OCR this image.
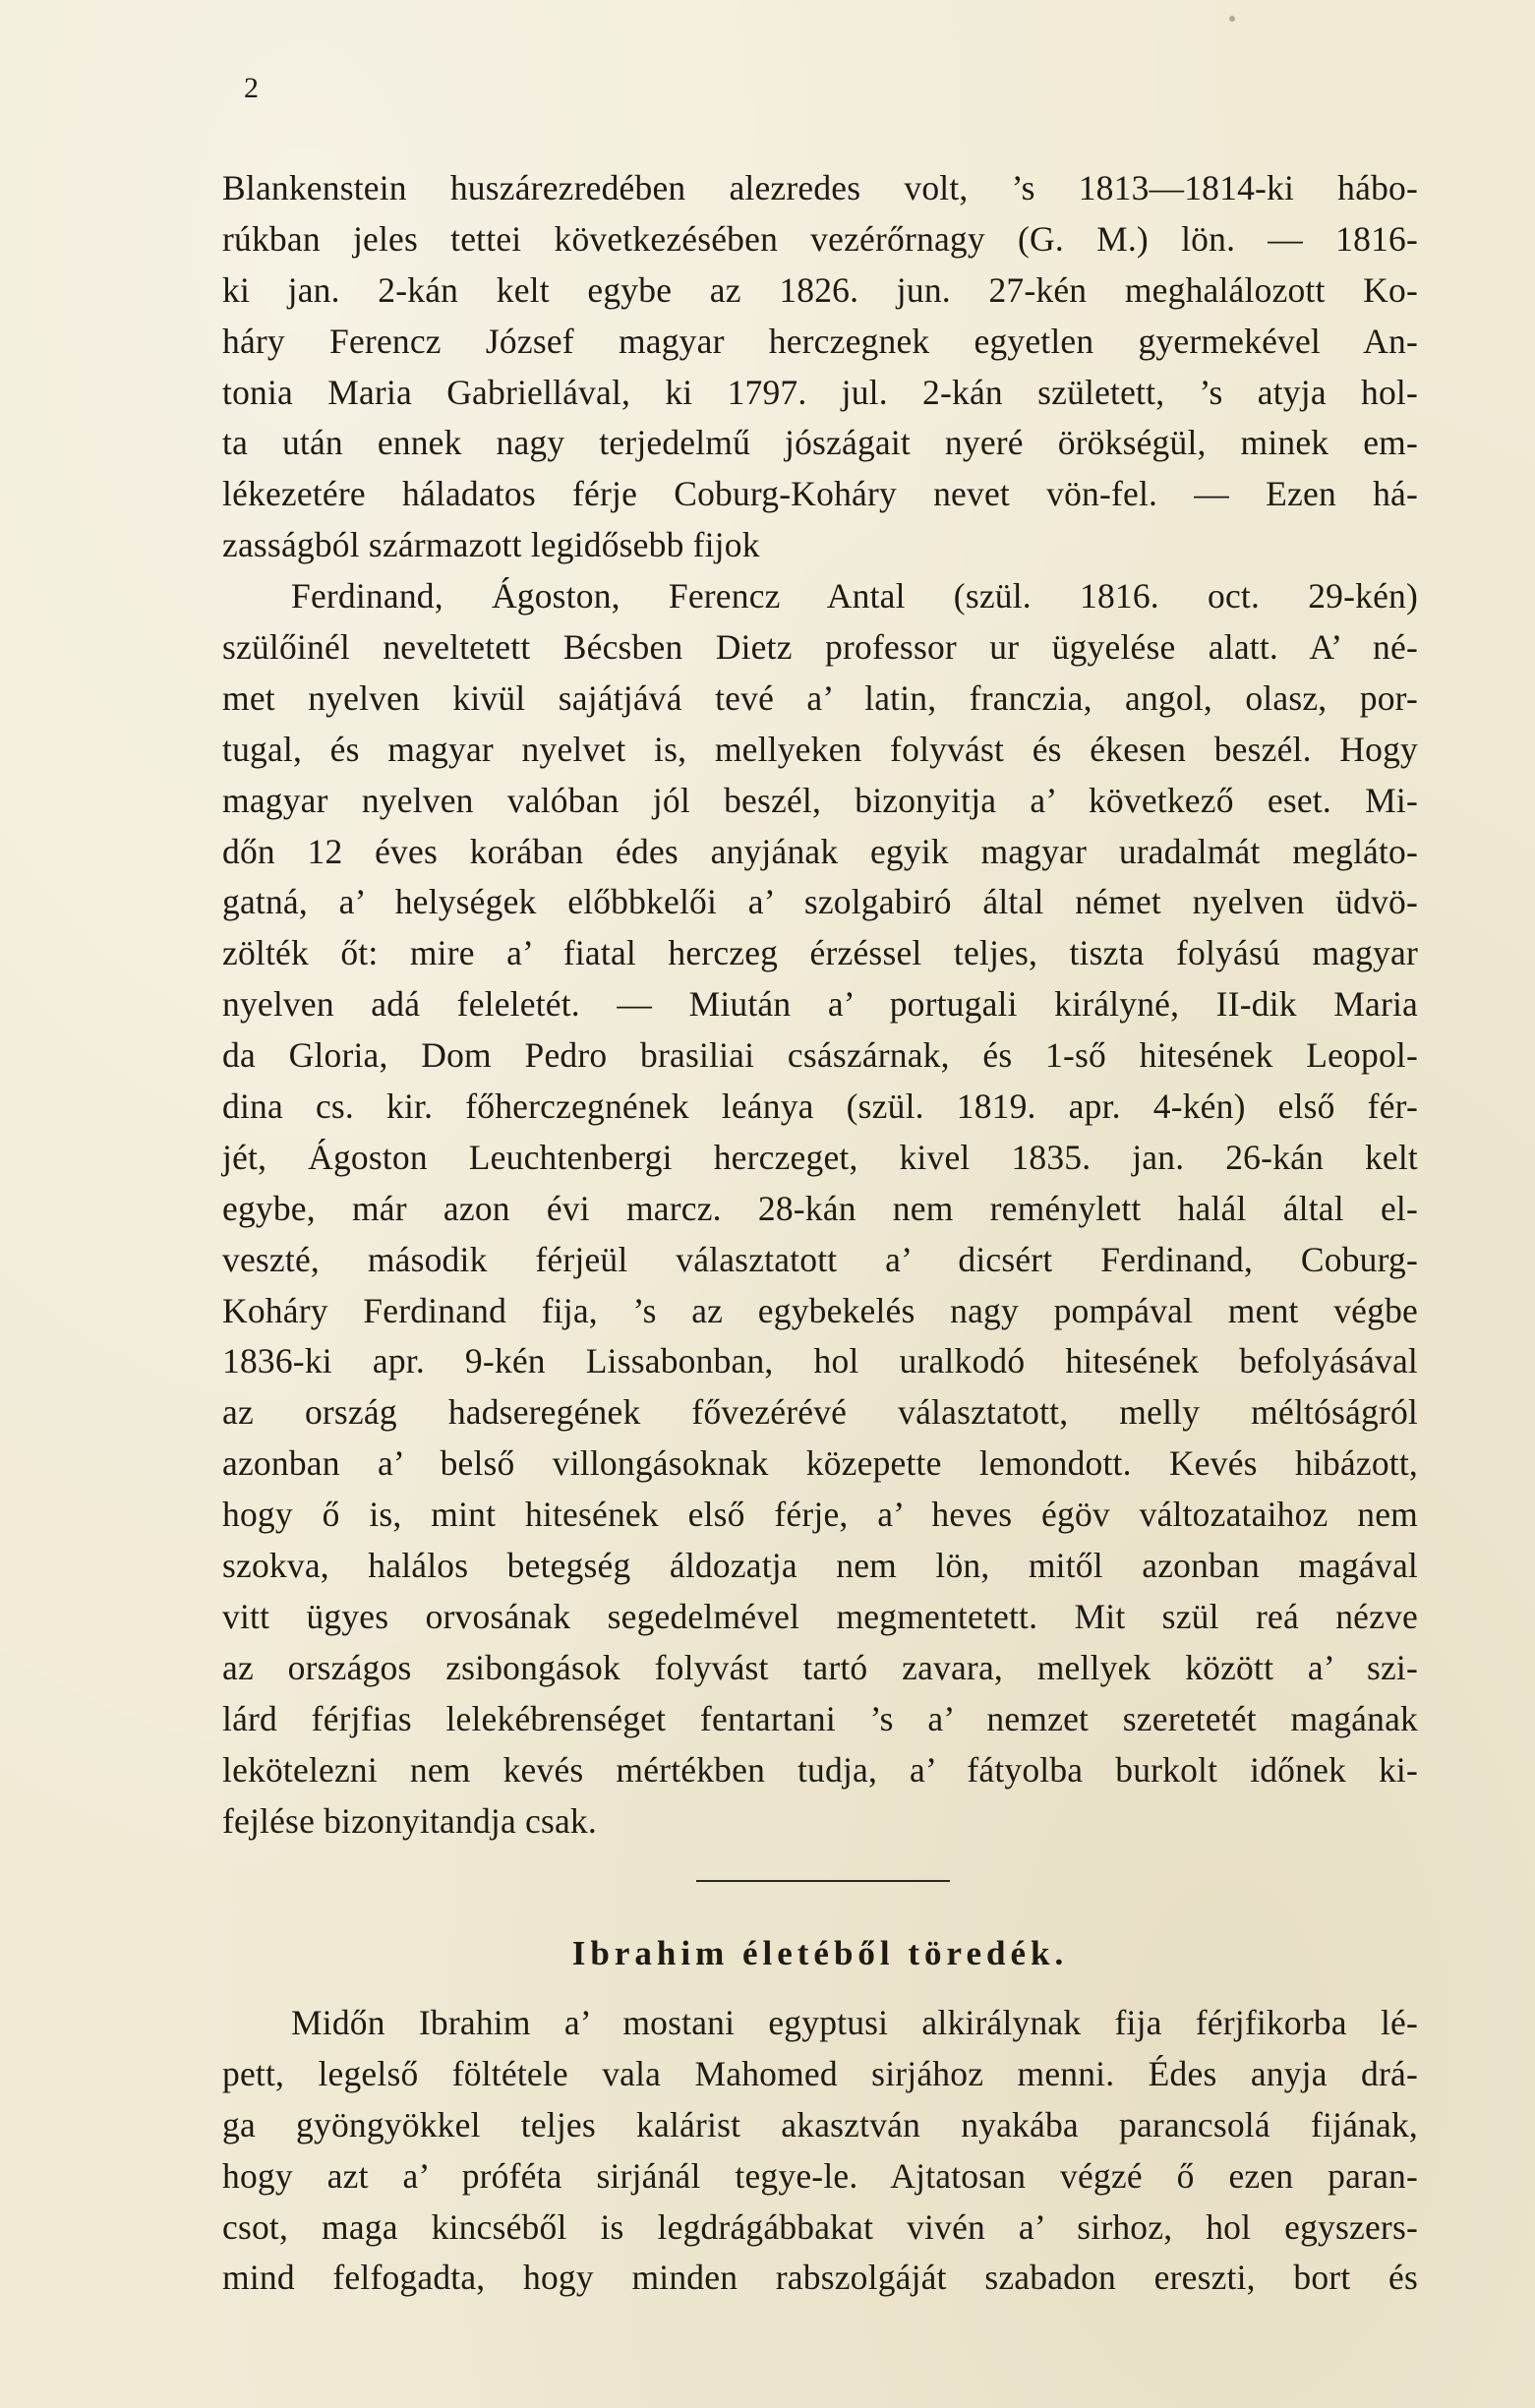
2
Blankenstein huszárezredében alezredes volt, ’s 1813—1814-ki hábo-
rúkban jeles tettei következésében vezérőrnagy (G. M.) lön. — 1816-
ki jan. 2-kán kelt egybe az 1826. jun. 27-kén meghalálozott Ko-
háry Ferencz József magyar herczegnek egyetlen gyermekével An-
tonia Maria Gabriellával, ki 1797. jul. 2-kán született, ’s atyja hol-
ta után ennek nagy terjedelmű jószágait nyeré örökségül, minek em-
lékezetére háladatos férje Coburg-Koháry nevet vön-fel. — Ezen há-
zasságból származott legidősebb fijok
Ferdinand, Ágoston, Ferencz Antal (szül. 1816. oct. 29-kén)
szülőinél neveltetett Bécsben Dietz professor ur ügyelése alatt. A’ né-
met nyelven kivül sajátjává tevé a’ latin, franczia, angol, olasz, por-
tugal, és magyar nyelvet is, mellyeken folyvást és ékesen beszél. Hogy
magyar nyelven valóban jól beszél, bizonyitja a’ következő eset. Mi-
dőn 12 éves korában édes anyjának egyik magyar uradalmát meglátо-
gatná, a’ helységek előbbkelői a’ szolgabiró által német nyelven üdvö-
zölték őt: mire a’ fiatal herczeg érzéssel teljes, tiszta folyású magyar
nyelven adá feleletét. — Miután a’ portugali királyné, II-dik Maria
da Gloria, Dom Pedro brasiliai császárnak, és 1-ső hitesének Leopol-
dina cs. kir. főherczegnének leánya (szül. 1819. apr. 4-kén) első fér-
jét, Ágoston Leuchtenbergi herczeget, kivel 1835. jan. 26-kán kelt
egybe, már azon évi marcz. 28-kán nem reménylett halál által el-
veszté, második férjeül választatott a’ dicsért Ferdinand, Coburg-
Koháry Ferdinand fija, ’s az egybekelés nagy pompával ment végbe
1836-ki apr. 9-kén Lissabonban, hol uralkodó hitesének befolyásával
az ország hadseregének fővezérévé választatott, melly méltóságról
azonban a’ belső villongásoknak közepette lemondott. Kevés hibázott,
hogy ő is, mint hitesének első férje, a’ heves égöv változataihoz nem
szokva, halálos betegség áldozatja nem lön, mitől azonban magával
vitt ügyes orvosának segedelmével megmentetett. Mit szül reá nézve
az országos zsibongások folyvást tartó zavara, mellyek között a’ szi-
lárd férjfias lelekébrenséget fentartani ’s a’ nemzet szeretetét magának
lekötelezni nem kevés mértékben tudja, a’ fátyolba burkolt időnek ki-
fejlése bizonyitandja csak.
Ibrahim életéből töredék.
Midőn Ibrahim a’ mostani egyptusi alkirálynak fija férjfikorba lé-
pett, legelső föltétele vala Mahomed sirjához menni. Édes anyja drá-
ga gyöngyökkel teljes kalárist akasztván nyakába parancsolá fijának,
hogy azt a’ próféta sirjánál tegye-le. Ajtatosan végzé ő ezen paran-
csot, maga kincséből is legdrágábbakat vivén a’ sirhoz, hol egyszers-
mind felfogadta, hogy minden rabszolgáját szabadon ereszti, bort és
